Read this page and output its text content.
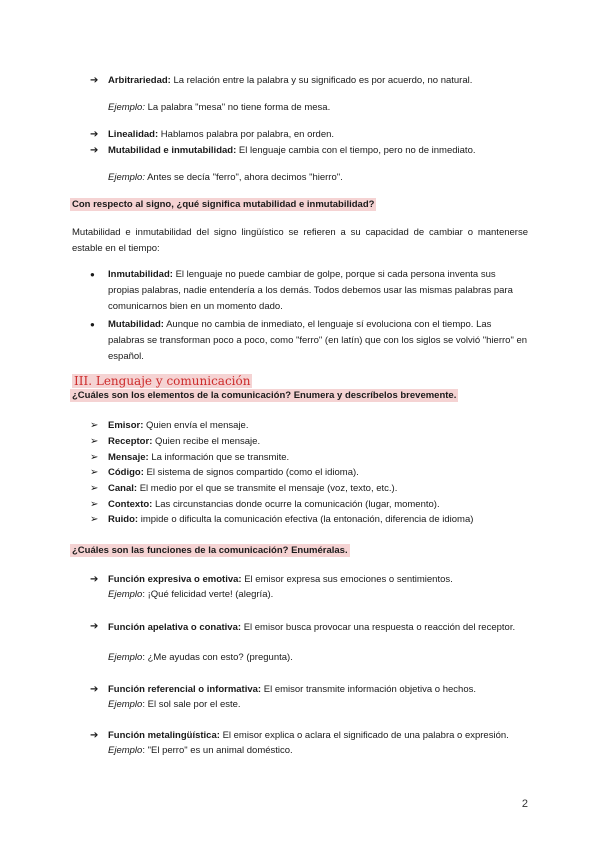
➔ Arbitrariedad: La relación entre la palabra y su significado es por acuerdo, no natural.
Ejemplo: La palabra "mesa" no tiene forma de mesa.
➔ Linealidad: Hablamos palabra por palabra, en orden.
➔ Mutabilidad e inmutabilidad: El lenguaje cambia con el tiempo, pero no de inmediato.
Ejemplo: Antes se decía "ferro", ahora decimos "hierro".
Con respecto al signo, ¿qué significa mutabilidad e inmutabilidad?
Mutabilidad e inmutabilidad del signo lingüístico se refieren a su capacidad de cambiar o mantenerse estable en el tiempo:
● Inmutabilidad: El lenguaje no puede cambiar de golpe, porque si cada persona inventa sus propias palabras, nadie entendería a los demás. Todos debemos usar las mismas palabras para comunicarnos bien en un momento dado.
● Mutabilidad: Aunque no cambia de inmediato, el lenguaje sí evoluciona con el tiempo. Las palabras se transforman poco a poco, como "ferro" (en latín) que con los siglos se volvió "hierro" en español.
III. Lenguaje y comunicación
¿Cuáles son los elementos de la comunicación? Enumera y descríbelos brevemente.
➢ Emisor: Quien envía el mensaje.
➢ Receptor: Quien recibe el mensaje.
➢ Mensaje: La información que se transmite.
➢ Código: El sistema de signos compartido (como el idioma).
➢ Canal: El medio por el que se transmite el mensaje (voz, texto, etc.).
➢ Contexto: Las circunstancias donde ocurre la comunicación (lugar, momento).
➢ Ruido: impide o dificulta la comunicación efectiva (la entonación, diferencia de idioma)
¿Cuáles son las funciones de la comunicación? Enuméralas.
➔ Función expresiva o emotiva: El emisor expresa sus emociones o sentimientos.
Ejemplo: ¡Qué felicidad verte! (alegría).
➔ Función apelativa o conativa: El emisor busca provocar una respuesta o reacción del receptor.
Ejemplo: ¿Me ayudas con esto? (pregunta).
➔ Función referencial o informativa: El emisor transmite información objetiva o hechos.
Ejemplo: El sol sale por el este.
➔ Función metalingüística: El emisor explica o aclara el significado de una palabra o expresión.
Ejemplo: "El perro" es un animal doméstico.
2
